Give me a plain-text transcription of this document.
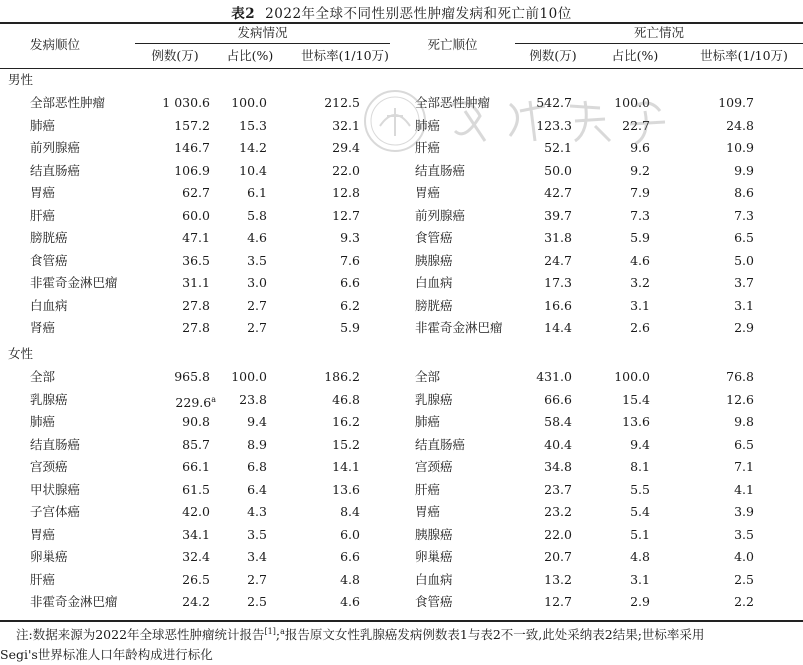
表2 2022年全球不同性别恶性肿瘤发病和死亡前10位
发病顺位
发病情况
例数(万)	占比(%)	世标率(1/10万)
死亡顺位
死亡情况
例数(万)	占比(%)	世标率(1/10万)
男性
女性
全部恶性肿瘤	1 030.6	100.0	212.5	全部恶性肿瘤	542.7	100.0	109.7
肺癌	157.2	15.3	32.1	肺癌	123.3	22.7	24.8
前列腺癌	146.7	14.2	29.4	肝癌	52.1	9.6	10.9
结直肠癌	106.9	10.4	22.0	结直肠癌	50.0	9.2	9.9
胃癌	62.7	6.1	12.8	胃癌	42.7	7.9	8.6
肝癌	60.0	5.8	12.7	前列腺癌	39.7	7.3	7.3
膀胱癌	47.1	4.6	9.3	食管癌	31.8	5.9	6.5
食管癌	36.5	3.5	7.6	胰腺癌	24.7	4.6	5.0
非霍奇金淋巴瘤	31.1	3.0	6.6	白血病	17.3	3.2	3.7
白血病	27.8	2.7	6.2	膀胱癌	16.6	3.1	3.1
肾癌	27.8	2.7	5.9	非霍奇金淋巴瘤	14.4	2.6	2.9
全部	965.8	100.0	186.2	全部	431.0	100.0	76.8
乳腺癌	229.6$^a$	23.8	46.8	乳腺癌	66.6	15.4	12.6
肺癌	90.8	9.4	16.2	肺癌	58.4	13.6	9.8
结直肠癌	85.7	8.9	15.2	结直肠癌	40.4	9.4	6.5
宫颈癌	66.1	6.8	14.1	宫颈癌	34.8	8.1	7.1
甲状腺癌	61.5	6.4	13.6	肝癌	23.7	5.5	4.1
子宫体癌	42.0	4.3	8.4	胃癌	23.2	5.4	3.9
胃癌	34.1	3.5	6.0	胰腺癌	22.0	5.1	3.5
卵巢癌	32.4	3.4	6.6	卵巢癌	20.7	4.8	4.0
肝癌	26.5	2.7	4.8	白血病	13.2	3.1	2.5
非霍奇金淋巴瘤	24.2	2.5	4.6	食管癌	12.7	2.9	2.2
注:数据来源为2022年全球恶性肿瘤统计报告[1];$^a$报告原文女性乳腺癌发病例数表1与表2不一致,此处采纳表2结果;世标率采用
Segi's世界标准人口年龄构成进行标化
